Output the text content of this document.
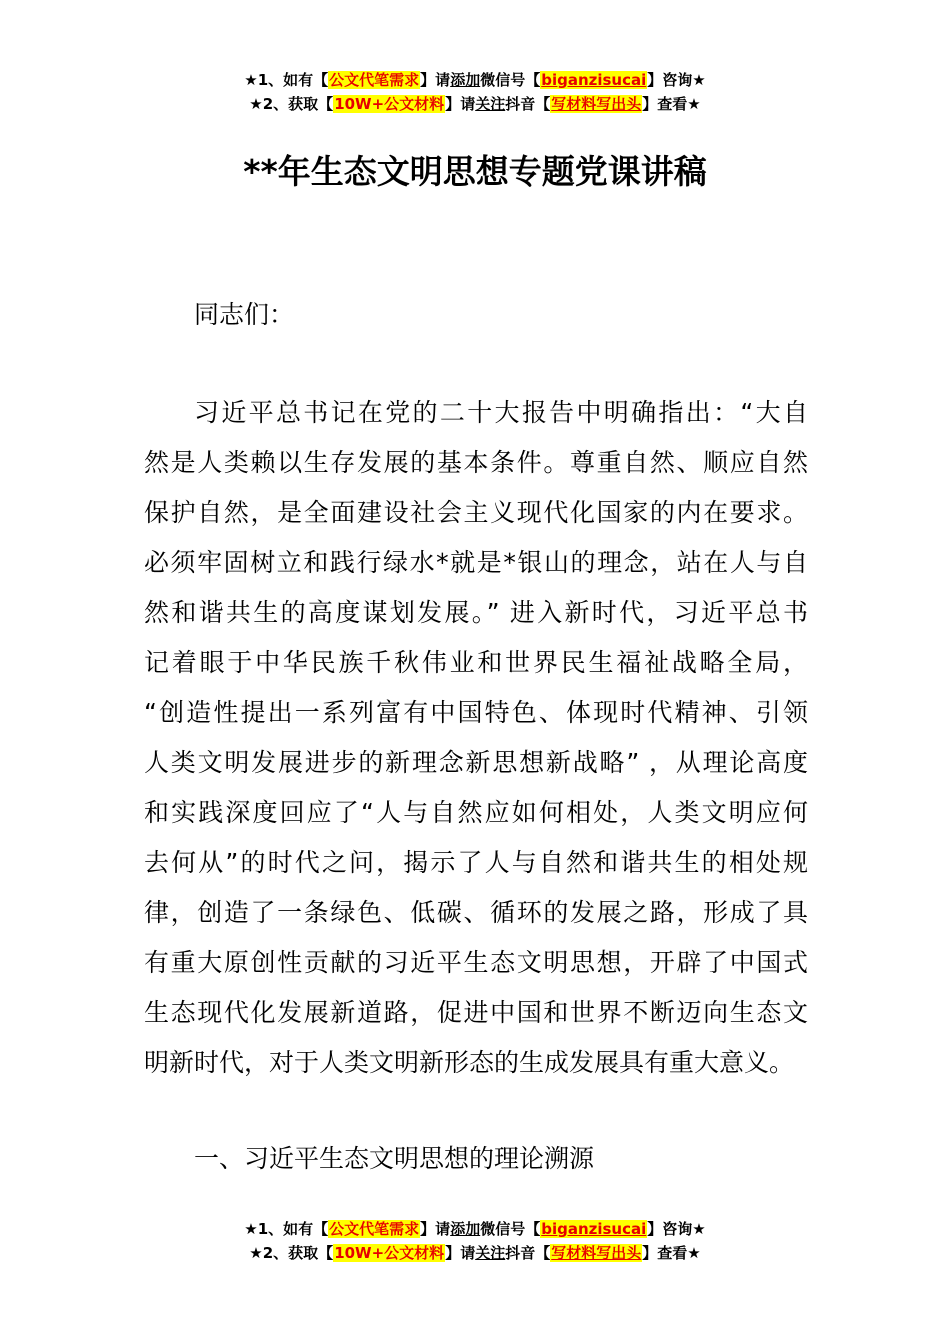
★1、如有【公文代笔需求】请添加微信号【biganzisucai】咨询★
★2、获取【10W+公文材料】请关注抖音【写材料写出头】查看★
**年生态文明思想专题党课讲稿
同志们：
习近平总书记在党的二十大报告中明确指出：“大自
然是人类赖以生存发展的基本条件。尊重自然、顺应自然
保护自然，是全面建设社会主义现代化国家的内在要求。
必须牢固树立和践行绿水*就是*银山的理念，站在人与自
然和谐共生的高度谋划发展。” 进入新时代，习近平总书
记着眼于中华民族千秋伟业和世界民生福祉战略全局，
“创造性提出一系列富有中国特色、体现时代精神、引领
人类文明发展进步的新理念新思想新战略” ，从理论高度
和实践深度回应了“人与自然应如何相处，人类文明应何
去何从”的时代之问，揭示了人与自然和谐共生的相处规
律，创造了一条绿色、低碳、循环的发展之路，形成了具
有重大原创性贡献的习近平生态文明思想，开辟了中国式
生态现代化发展新道路，促进中国和世界不断迈向生态文
明新时代，对于人类文明新形态的生成发展具有重大意义。
一、习近平生态文明思想的理论溯源
★1、如有【公文代笔需求】请添加微信号【biganzisucai】咨询★
★2、获取【10W+公文材料】请关注抖音【写材料写出头】查看★
